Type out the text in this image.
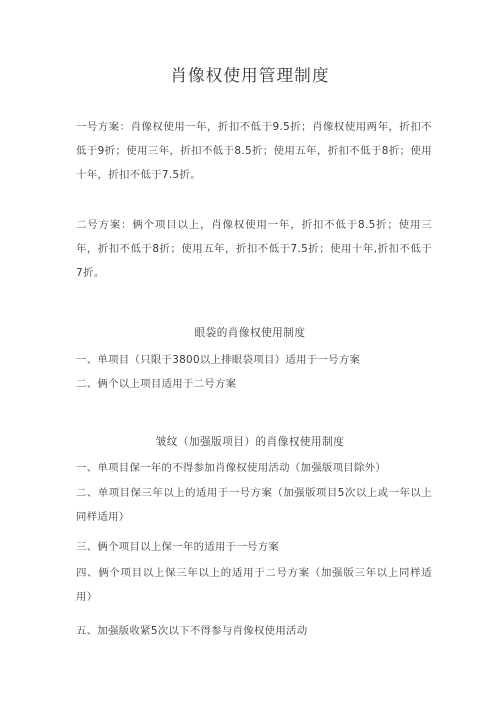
肖像权使用管理制度

一号方案：肖像权使用一年，折扣不低于9.5折；肖像权使用两年，折扣不低于9折；使用三年，折扣不低于8.5折；使用五年，折扣不低于8折；使用十年，折扣不低于7.5折。

二号方案：俩个项目以上，肖像权使用一年，折扣不低于8.5折；使用三年，折扣不低于8折；使用五年，折扣不低于7.5折；使用十年,折扣不低于7折。

眼袋的肖像权使用制度

一、单项目（只限于3800以上排眼袋项目）适用于一号方案

二、俩个以上项目适用于二号方案

皱纹（加强版项目）的肖像权使用制度

一、单项目保一年的不得参加肖像权使用活动（加强版项目除外）

二、单项目保三年以上的适用于一号方案（加强版项目5次以上或一年以上同样适用）

三、俩个项目以上保一年的适用于一号方案

四、俩个项目以上保三年以上的适用于二号方案（加强版三年以上同样适用）

五、加强版收紧5次以下不得参与肖像权使用活动
